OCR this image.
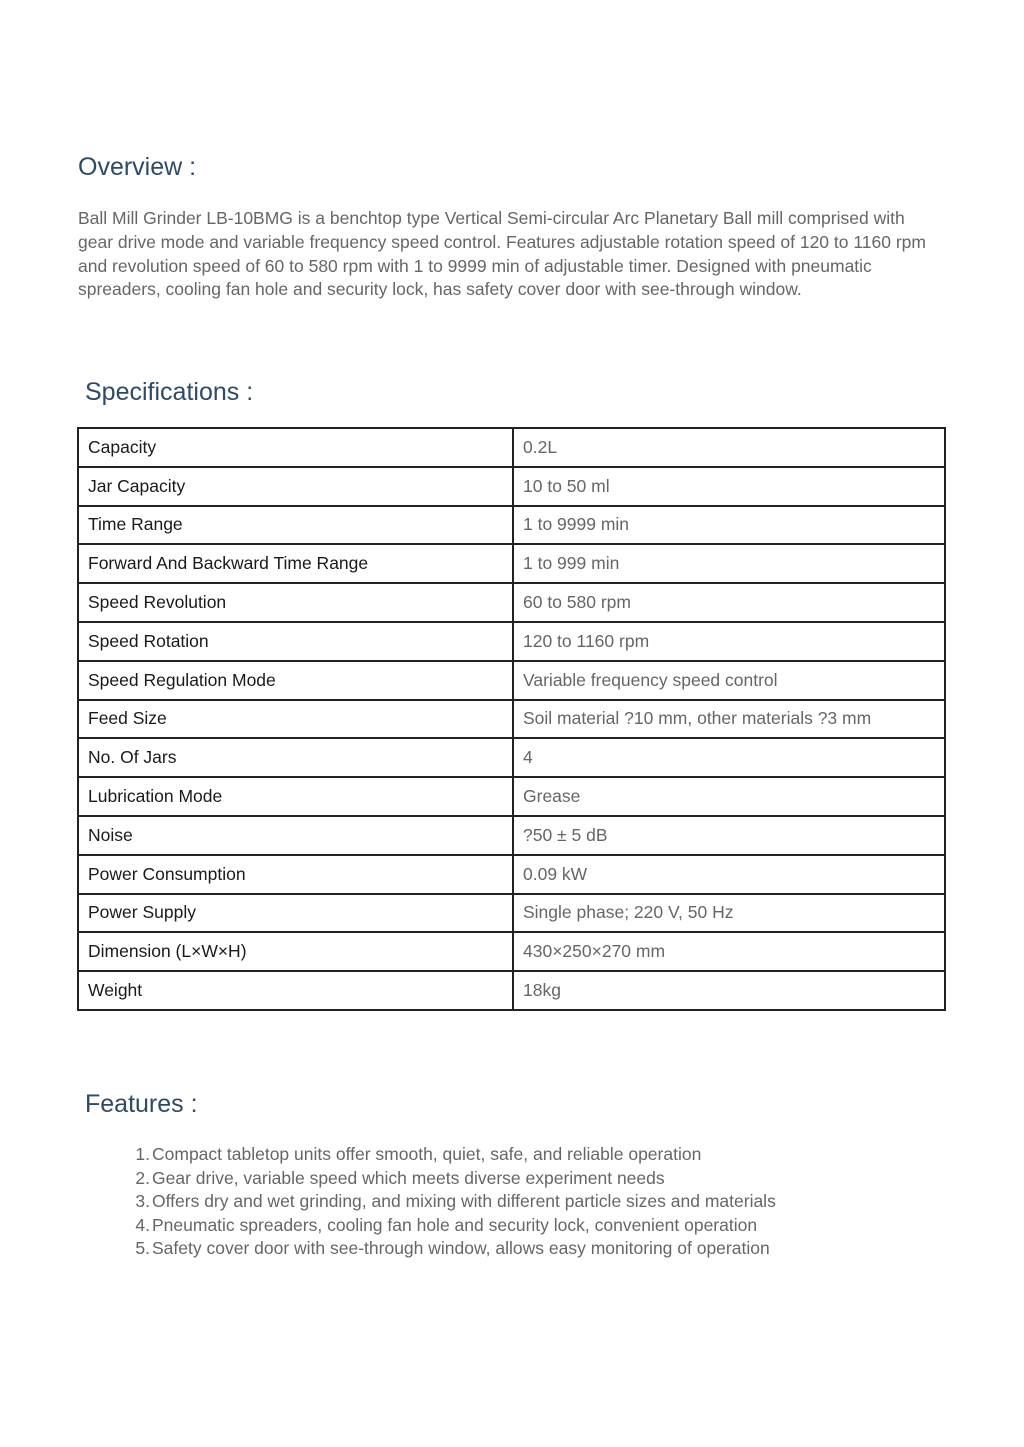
Overview :

Ball Mill Grinder LB-10BMG is a benchtop type Vertical Semi-circular Arc Planetary Ball mill comprised with gear drive mode and variable frequency speed control. Features adjustable rotation speed of 120 to 1160 rpm and revolution speed of 60 to 580 rpm with 1 to 9999 min of adjustable timer. Designed with pneumatic spreaders, cooling fan hole and security lock, has safety cover door with see-through window.

Specifications :
Capacity	0.2L
Jar Capacity	10 to 50 ml
Time Range	1 to 9999 min
Forward And Backward Time Range	1 to 999 min
Speed Revolution	60 to 580 rpm
Speed Rotation	120 to 1160 rpm
Speed Regulation Mode	Variable frequency speed control
Feed Size	Soil material ?10 mm, other materials ?3 mm
No. Of Jars	4
Lubrication Mode	Grease
Noise	?50 ± 5 dB
Power Consumption	0.09 kW
Power Supply	Single phase; 220 V, 50 Hz
Dimension (L×W×H)	430×250×270 mm
Weight	18kg
Features :
1. Compact tabletop units offer smooth, quiet, safe, and reliable operation
2. Gear drive, variable speed which meets diverse experiment needs
3. Offers dry and wet grinding, and mixing with different particle sizes and materials
4. Pneumatic spreaders, cooling fan hole and security lock, convenient operation
5. Safety cover door with see-through window, allows easy monitoring of operation
